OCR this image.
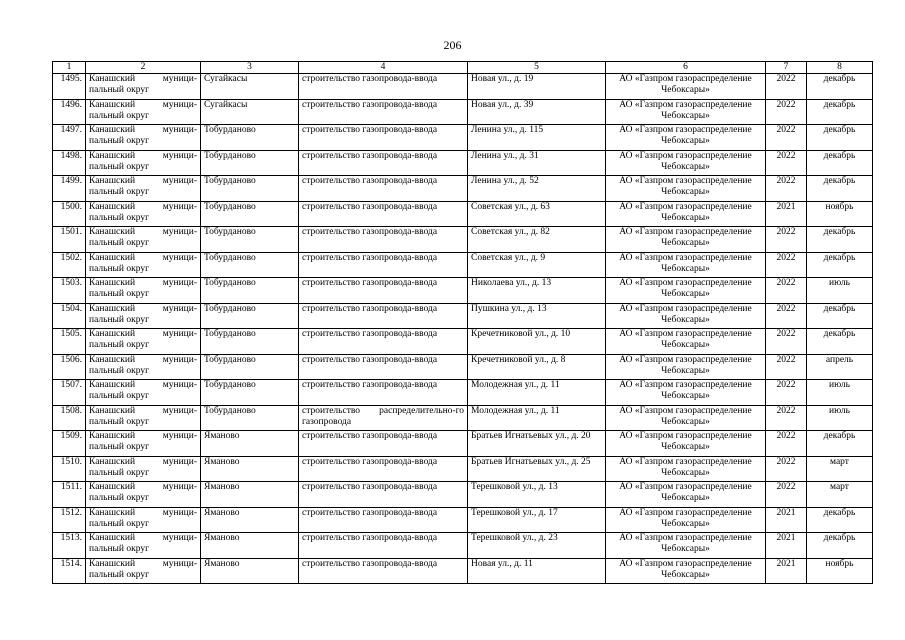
206
1	2	3	4	5	6	7	8
1495.	Канашский муници-пальный округ	Сугайкасы	строительство газопровода-ввода	Новая ул., д. 19	АО «Газпром газораспределение Чебоксары»	2022	декабрь
1496.	Канашский муници-пальный округ	Сугайкасы	строительство газопровода-ввода	Новая ул., д. 39	АО «Газпром газораспределение Чебоксары»	2022	декабрь
1497.	Канашский муници-пальный округ	Тобурданово	строительство газопровода-ввода	Ленина ул., д. 115	АО «Газпром газораспределение Чебоксары»	2022	декабрь
1498.	Канашский муници-пальный округ	Тобурданово	строительство газопровода-ввода	Ленина ул., д. 31	АО «Газпром газораспределение Чебоксары»	2022	декабрь
1499.	Канашский муници-пальный округ	Тобурданово	строительство газопровода-ввода	Ленина ул., д. 52	АО «Газпром газораспределение Чебоксары»	2022	декабрь
1500.	Канашский муници-пальный округ	Тобурданово	строительство газопровода-ввода	Советская ул., д. 63	АО «Газпром газораспределение Чебоксары»	2021	ноябрь
1501.	Канашский муници-пальный округ	Тобурданово	строительство газопровода-ввода	Советская ул., д. 82	АО «Газпром газораспределение Чебоксары»	2022	декабрь
1502.	Канашский муници-пальный округ	Тобурданово	строительство газопровода-ввода	Советская ул., д. 9	АО «Газпром газораспределение Чебоксары»	2022	декабрь
1503.	Канашский муници-пальный округ	Тобурданово	строительство газопровода-ввода	Николаева ул., д. 13	АО «Газпром газораспределение Чебоксары»	2022	июль
1504.	Канашский муници-пальный округ	Тобурданово	строительство газопровода-ввода	Пушкина ул., д. 13	АО «Газпром газораспределение Чебоксары»	2022	декабрь
1505.	Канашский муници-пальный округ	Тобурданово	строительство газопровода-ввода	Кречетниковой ул., д. 10	АО «Газпром газораспределение Чебоксары»	2022	декабрь
1506.	Канашский муници-пальный округ	Тобурданово	строительство газопровода-ввода	Кречетниковой ул., д. 8	АО «Газпром газораспределение Чебоксары»	2022	апрель
1507.	Канашский муници-пальный округ	Тобурданово	строительство газопровода-ввода	Молодежная ул., д. 11	АО «Газпром газораспределение Чебоксары»	2022	июль
1508.	Канашский муници-пальный округ	Тобурданово	строительство распределительно-го газопровода	Молодежная ул., д. 11	АО «Газпром газораспределение Чебоксары»	2022	июль
1509.	Канашский муници-пальный округ	Яманово	строительство газопровода-ввода	Братьев Игнатьевых ул., д. 20	АО «Газпром газораспределение Чебоксары»	2022	декабрь
1510.	Канашский муници-пальный округ	Яманово	строительство газопровода-ввода	Братьев Игнатьевых ул., д. 25	АО «Газпром газораспределение Чебоксары»	2022	март
1511.	Канашский муници-пальный округ	Яманово	строительство газопровода-ввода	Терешковой ул., д. 13	АО «Газпром газораспределение Чебоксары»	2022	март
1512.	Канашский муници-пальный округ	Яманово	строительство газопровода-ввода	Терешковой ул., д. 17	АО «Газпром газораспределение Чебоксары»	2021	декабрь
1513.	Канашский муници-пальный округ	Яманово	строительство газопровода-ввода	Терешковой ул., д. 23	АО «Газпром газораспределение Чебоксары»	2021	декабрь
1514.	Канашский муници-пальный округ	Яманово	строительство газопровода-ввода	Новая ул., д. 11	АО «Газпром газораспределение Чебоксары»	2021	ноябрь
